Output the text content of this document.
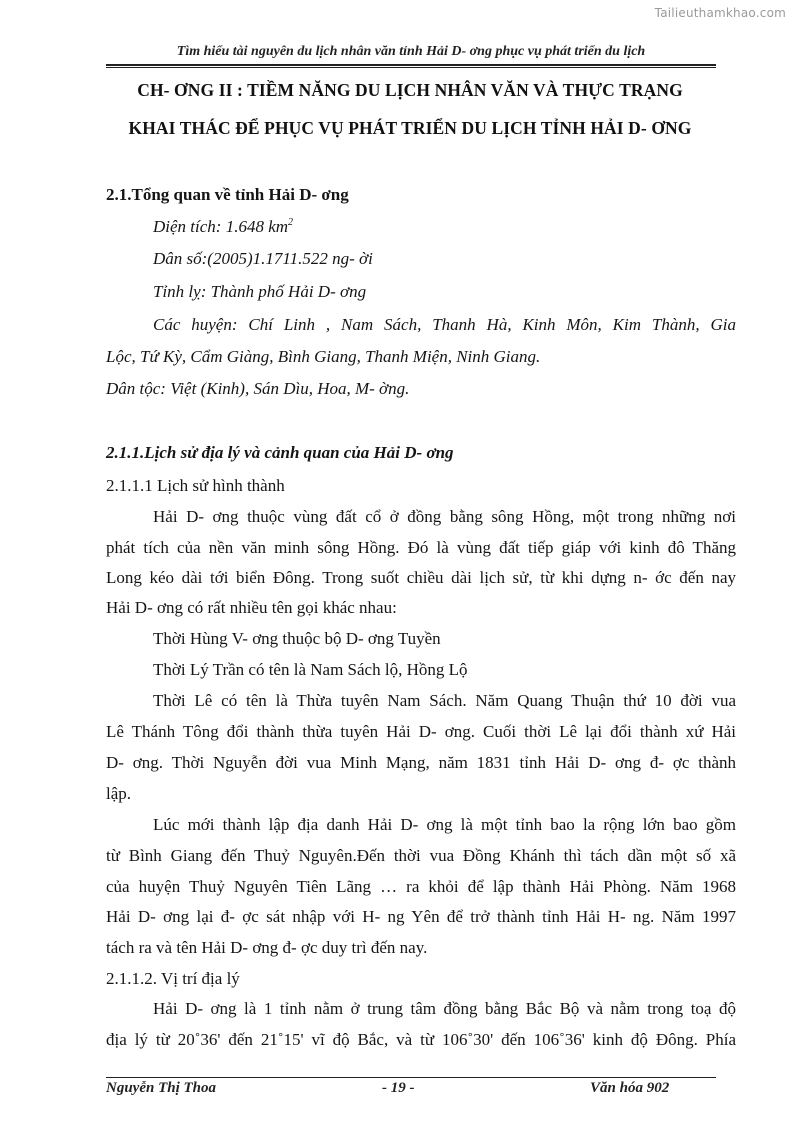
Tailieuthamkhao.com
Tìm hiểu tài nguyên du lịch nhân văn tỉnh Hải D- ơng phục vụ phát triển du lịch
CH- ƠNG II : TIỀM NĂNG DU LỊCH NHÂN VĂN VÀ THỰC TRẠNG
KHAI THÁC ĐỂ PHỤC VỤ PHÁT TRIỂN DU LỊCH TỈNH HẢI D- ƠNG
2.1.Tổng quan về tỉnh Hải D- ơng
Diện tích: 1.648 $km^2$
Dân số:(2005)1.1711.522 ng- ời
Tỉnh lỵ: Thành phố Hải D- ơng
Các huyện: Chí Linh , Nam Sách, Thanh Hà, Kinh Môn, Kim Thành, Gia
Lộc, Tứ Kỳ, Cẩm Giàng, Bình Giang, Thanh Miện, Ninh Giang.
Dân tộc: Việt (Kinh), Sán Dìu, Hoa, M- ờng.
2.1.1.Lịch sử địa lý và cảnh quan của Hải D- ơng
2.1.1.1 Lịch sử hình thành
Hải D- ơng thuộc vùng đất cổ ở đồng bằng sông Hồng, một trong những nơi
phát tích của nền văn minh sông Hồng. Đó là vùng đất tiếp giáp với kinh đô Thăng
Long kéo dài tới biển Đông. Trong suốt chiều dài lịch sử, từ khi dựng n- ớc đến nay
Hải D- ơng có rất nhiều tên gọi khác nhau:
Thời Hùng V- ơng thuộc bộ D- ơng Tuyền
Thời Lý Trần có tên là Nam Sách lộ, Hồng Lộ
Thời Lê có tên là Thừa tuyên Nam Sách. Năm Quang Thuận thứ 10 đời vua
Lê Thánh Tông đổi thành thừa tuyên Hải D- ơng. Cuối thời Lê lại đổi thành xứ Hải
D- ơng. Thời Nguyễn đời vua Minh Mạng, năm 1831 tỉnh Hải D- ơng đ- ợc thành
lập.
Lúc mới thành lập địa danh Hải D- ơng là một tỉnh bao la rộng lớn bao gồm
từ Bình Giang đến Thuỷ Nguyên.Đến thời vua Đồng Khánh thì tách dần một số xã
của huyện Thuỷ Nguyên Tiên Lãng … ra khỏi để lập thành Hải Phòng. Năm 1968
Hải D- ơng lại đ- ợc sát nhập với H- ng Yên để trở thành tỉnh Hải H- ng. Năm 1997
tách ra và tên Hải D- ơng đ- ợc duy trì đến nay.
2.1.1.2. Vị trí địa lý
Hải D- ơng là 1 tỉnh nằm ở trung tâm đồng bằng Bắc Bộ và nằm trong toạ độ
địa lý từ 20˚36' đến 21˚15' vĩ độ Bắc, và từ 106˚30' đến 106˚36' kinh độ Đông. Phía
Nguyễn Thị Thoa	- 19 -	Văn hóa 902
